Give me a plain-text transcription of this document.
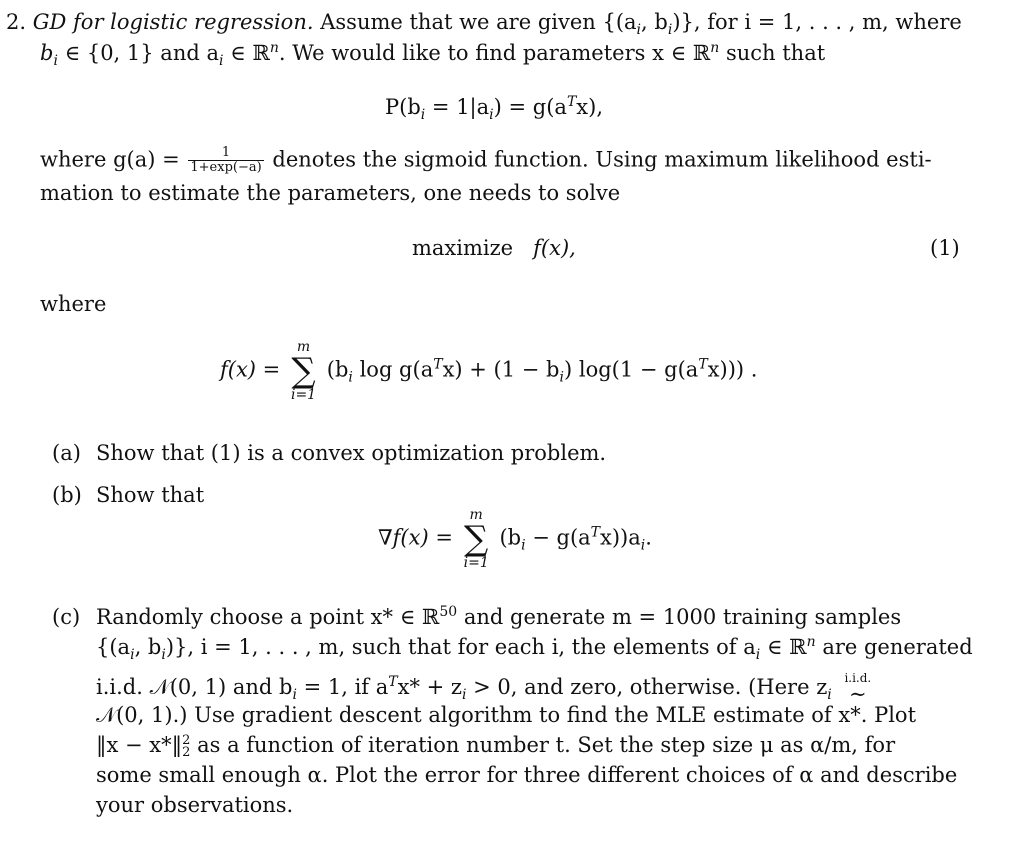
2. GD for logistic regression. Assume that we are given {($a_i$, $b_i$)}, for i = 1, . . . , m, where
$b_i$ ∈ {0, 1} and $a_i$ ∈ ℝ$^n$. We would like to find parameters x ∈ ℝ$^n$ such that
$P(b_i = 1|a_i) = g(a^Tx)$,
where $g(a) = \frac{1}{1+\exp(-a)}$ denotes the sigmoid function. Using maximum likelihood esti-
mation to estimate the parameters, one needs to solve
maximize f(x),	(1)
where
f(x) =
m
∑
i=1
($b_i$ $\log g(a^Tx) + (1 - b_i) \log(1 - g(a^Tx))$) .
(a) Show that (1) is a convex optimization problem.
(b) Show that
∇f(x) =
m
∑
i=1
$(b_i - g(a^Tx))a_i$.
(c) Randomly choose a point x* ∈ ℝ$^{50}$ and generate m = 1000 training samples
{($a_i$, $b_i$)}, i = 1, . . . , m, such that for each i, the elements of $a_i$ ∈ ℝ$^n$ are generated
i.i.d. 𝒩(0, 1) and $b_i = 1$, if $a^Tx* + z_i > 0$, and zero, otherwise. (Here $z_i$
i.i.d.
∼
𝒩(0, 1).) Use gradient descent algorithm to find the MLE estimate of x*. Plot
‖x − x*‖ 2
2 as a function of iteration number t. Set the step size μ as α/m, for
some small enough α. Plot the error for three different choices of α and describe
your observations.
